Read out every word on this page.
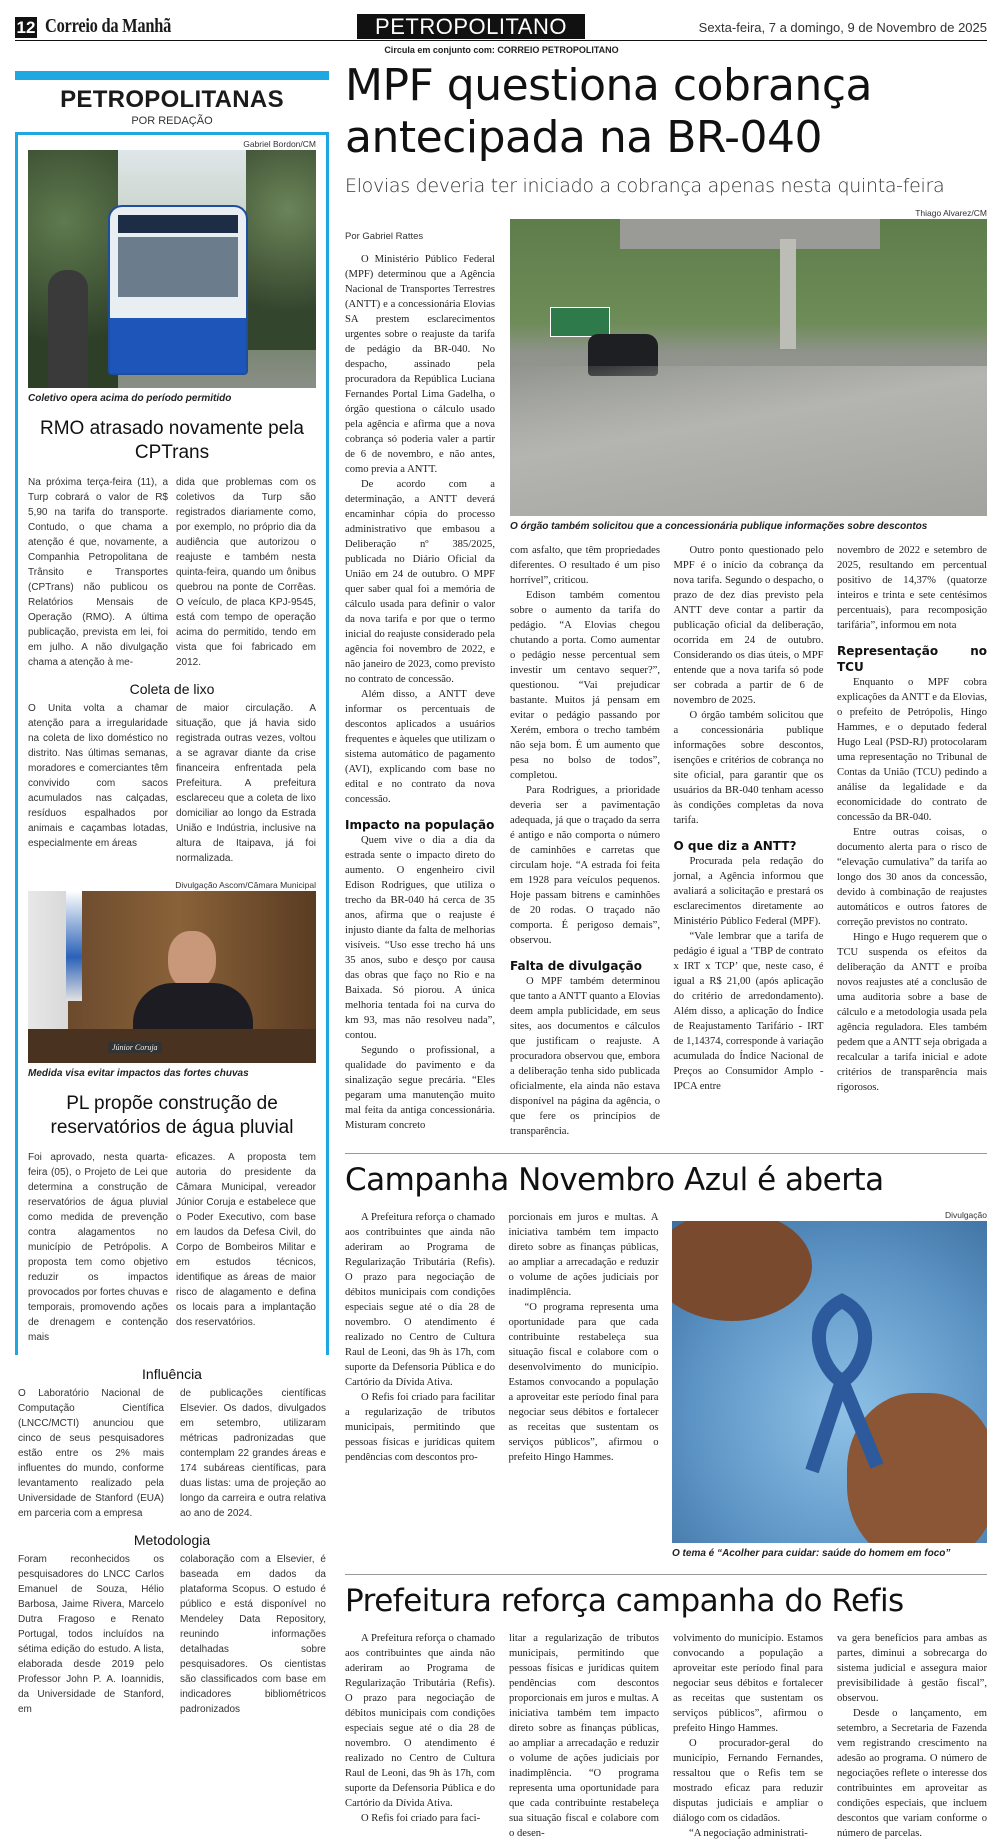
12 Correio da Manhã	PETROPOLITANO	Sexta-feira, 7 a domingo, 9 de Novembro de 2025
Circula em conjunto com: CORREIO PETROPOLITANO
PETROPOLITANAS
POR REDAÇÃO
Gabriel Bordon/CM
Coletivo opera acima do período permitido
RMO atrasado novamente pela CPTrans

Na próxima terça-feira (11), a Turp cobrará o valor de R$ 5,90 na tarifa do transporte. Contudo, o que chama a atenção é que, novamente, a Companhia Petropolitana de Trânsito e Transportes (CPTrans) não publicou os Relatórios Mensais de Operação (RMO). A última publicação, prevista em lei, foi em julho. A não divulgação chama a atenção à me-

dida que problemas com os coletivos da Turp são registrados diariamente como, por exemplo, no próprio dia da audiência que autorizou o reajuste e também nesta quinta-feira, quando um ônibus quebrou na ponte de Corrêas. O veículo, de placa KPJ-9545, está com tempo de operação acima do permitido, tendo em vista que foi fabricado em 2012.

Coleta de lixo

O Unita volta a chamar atenção para a irregularidade na coleta de lixo doméstico no distrito. Nas últimas semanas, moradores e comerciantes têm convivido com sacos acumulados nas calçadas, resíduos espalhados por animais e caçambas lotadas, especialmente em áreas

de maior circulação. A situação, que já havia sido registrada outras vezes, voltou a se agravar diante da crise financeira enfrentada pela Prefeitura. A prefeitura esclareceu que a coleta de lixo domiciliar ao longo da Estrada União e Indústria, inclusive na altura de Itaipava, já foi normalizada.

Divulgação Ascom/Câmara Municipal
Júnior Coruja
Medida visa evitar impactos das fortes chuvas
PL propõe construção de reservatórios de água pluvial

Foi aprovado, nesta quarta-feira (05), o Projeto de Lei que determina a construção de reservatórios de água pluvial como medida de prevenção contra alagamentos no município de Petrópolis. A proposta tem como objetivo reduzir os impactos provocados por fortes chuvas e temporais, promovendo ações de drenagem e contenção mais

eficazes. A proposta tem autoria do presidente da Câmara Municipal, vereador Júnior Coruja e estabelece que o Poder Executivo, com base em laudos da Defesa Civil, do Corpo de Bombeiros Militar e em estudos técnicos, identifique as áreas de maior risco de alagamento e defina os locais para a implantação dos reservatórios.

Influência

O Laboratório Nacional de Computação Científica (LNCC/MCTI) anunciou que cinco de seus pesquisadores estão entre os 2% mais influentes do mundo, conforme levantamento realizado pela Universidade de Stanford (EUA) em parceria com a empresa

de publicações científicas Elsevier. Os dados, divulgados em setembro, utilizaram métricas padronizadas que contemplam 22 grandes áreas e 174 subáreas científicas, para duas listas: uma de projeção ao longo da carreira e outra relativa ao ano de 2024.

Metodologia

Foram reconhecidos os pesquisadores do LNCC Carlos Emanuel de Souza, Hélio Barbosa, Jaime Rivera, Marcelo Dutra Fragoso e Renato Portugal, todos incluídos na sétima edição do estudo. A lista, elaborada desde 2019 pelo Professor John P. A. Ioannidis, da Universidade de Stanford, em

colaboração com a Elsevier, é baseada em dados da plataforma Scopus. O estudo é público e está disponível no Mendeley Data Repository, reunindo informações detalhadas sobre pesquisadores. Os cientistas são classificados com base em indicadores bibliométricos padronizados

MPF questiona cobrança antecipada na BR-040
Elovias deveria ter iniciado a cobrança apenas nesta quinta-feira
Por Gabriel Rattes

O Ministério Público Federal (MPF) determinou que a Agência Nacional de Transportes Terrestres (ANTT) e a concessionária Elovias SA prestem esclarecimentos urgentes sobre o reajuste da tarifa de pedágio da BR-040. No despacho, assinado pela procuradora da República Luciana Fernandes Portal Lima Gadelha, o órgão questiona o cálculo usado pela agência e afirma que a nova cobrança só poderia valer a partir de 6 de novembro, e não antes, como previa a ANTT.

De acordo com a determinação, a ANTT deverá encaminhar cópia do processo administrativo que embasou a Deliberação nº 385/2025, publicada no Diário Oficial da União em 24 de outubro. O MPF quer saber qual foi a memória de cálculo usada para definir o valor da nova tarifa e por que o termo inicial do reajuste considerado pela agência foi novembro de 2022, e não janeiro de 2023, como previsto no contrato de concessão.

Além disso, a ANTT deve informar os percentuais de descontos aplicados a usuários frequentes e àqueles que utilizam o sistema automático de pagamento (AVI), explicando com base no edital e no contrato da nova concessão.

Impacto na população

Quem vive o dia a dia da estrada sente o impacto direto do aumento. O engenheiro civil Edison Rodrigues, que utiliza o trecho da BR-040 há cerca de 35 anos, afirma que o reajuste é injusto diante da falta de melhorias visíveis. “Uso esse trecho há uns 35 anos, subo e desço por causa das obras que faço no Rio e na Baixada. Só piorou. A única melhoria tentada foi na curva do km 93, mas não resolveu nada”, contou.

Segundo o profissional, a qualidade do pavimento e da sinalização segue precária. “Eles pegaram uma manutenção muito mal feita da antiga concessionária. Misturam concreto

Thiago Alvarez/CM
O órgão também solicitou que a concessionária publique informações sobre descontos

com asfalto, que têm propriedades diferentes. O resultado é um piso horrível”, criticou.

Edison também comentou sobre o aumento da tarifa do pedágio. “A Elovias chegou chutando a porta. Como aumentar o pedágio nesse percentual sem investir um centavo sequer?”, questionou. “Vai prejudicar bastante. Muitos já pensam em evitar o pedágio passando por Xerém, embora o trecho também não seja bom. É um aumento que pesa no bolso de todos”, completou.

Para Rodrigues, a prioridade deveria ser a pavimentação adequada, já que o traçado da serra é antigo e não comporta o número de caminhões e carretas que circulam hoje. “A estrada foi feita em 1928 para veículos pequenos. Hoje passam bitrens e caminhões de 20 rodas. O traçado não comporta. É perigoso demais”, observou.

Falta de divulgação

O MPF também determinou que tanto a ANTT quanto a Elovias deem ampla publicidade, em seus sites, aos documentos e cálculos que justificam o reajuste. A procuradora observou que, embora a deliberação tenha sido publicada oficialmente, ela ainda não estava disponível na página da agência, o que fere os princípios de transparência.

Outro ponto questionado pelo MPF é o início da cobrança da nova tarifa. Segundo o despacho, o prazo de dez dias previsto pela ANTT deve contar a partir da publicação oficial da deliberação, ocorrida em 24 de outubro. Considerando os dias úteis, o MPF entende que a nova tarifa só pode ser cobrada a partir de 6 de novembro de 2025.

O órgão também solicitou que a concessionária publique informações sobre descontos, isenções e critérios de cobrança no site oficial, para garantir que os usuários da BR-040 tenham acesso às condições completas da nova tarifa.

O que diz a ANTT?

Procurada pela redação do jornal, a Agência informou que avaliará a solicitação e prestará os esclarecimentos diretamente ao Ministério Público Federal (MPF).

“Vale lembrar que a tarifa de pedágio é igual a ‘TBP de contrato x IRT x TCP’ que, neste caso, é igual a R$ 21,00 (após aplicação do critério de arredondamento). Além disso, a aplicação do Índice de Reajustamento Tarifário - IRT de 1,14374, corresponde à variação acumulada do Índice Nacional de Preços ao Consumidor Amplo - IPCA entre

novembro de 2022 e setembro de 2025, resultando em percentual positivo de 14,37% (quatorze inteiros e trinta e sete centésimos percentuais), para recomposição tarifária”, informou em nota

Representação no TCU

Enquanto o MPF cobra explicações da ANTT e da Elovias, o prefeito de Petrópolis, Hingo Hammes, e o deputado federal Hugo Leal (PSD-RJ) protocolaram uma representação no Tribunal de Contas da União (TCU) pedindo a análise da legalidade e da economicidade do contrato de concessão da BR-040.

Entre outras coisas, o documento alerta para o risco de “elevação cumulativa” da tarifa ao longo dos 30 anos da concessão, devido à combinação de reajustes automáticos e outros fatores de correção previstos no contrato.

Hingo e Hugo requerem que o TCU suspenda os efeitos da deliberação da ANTT e proíba novos reajustes até a conclusão de uma auditoria sobre a base de cálculo e a metodologia usada pela agência reguladora. Eles também pedem que a ANTT seja obrigada a recalcular a tarifa inicial e adote critérios de transparência mais rigorosos.

Campanha Novembro Azul é aberta

A Prefeitura reforça o chamado aos contribuintes que ainda não aderiram ao Programa de Regularização Tributária (Refis). O prazo para negociação de débitos municipais com condições especiais segue até o dia 28 de novembro. O atendimento é realizado no Centro de Cultura Raul de Leoni, das 9h às 17h, com suporte da Defensoria Pública e do Cartório da Dívida Ativa.

O Refis foi criado para facilitar a regularização de tributos municipais, permitindo que pessoas físicas e jurídicas quitem pendências com descontos pro-

porcionais em juros e multas. A iniciativa também tem impacto direto sobre as finanças públicas, ao ampliar a arrecadação e reduzir o volume de ações judiciais por inadimplência.

“O programa representa uma oportunidade para que cada contribuinte restabeleça sua situação fiscal e colabore com o desenvolvimento do município. Estamos convocando a população a aproveitar este período final para negociar seus débitos e fortalecer as receitas que sustentam os serviços públicos”, afirmou o prefeito Hingo Hammes.

Divulgação
O tema é “Acolher para cuidar: saúde do homem em foco”
Prefeitura reforça campanha do Refis

A Prefeitura reforça o chamado aos contribuintes que ainda não aderiram ao Programa de Regularização Tributária (Refis). O prazo para negociação de débitos municipais com condições especiais segue até o dia 28 de novembro. O atendimento é realizado no Centro de Cultura Raul de Leoni, das 9h às 17h, com suporte da Defensoria Pública e do Cartório da Dívida Ativa.

O Refis foi criado para faci-

litar a regularização de tributos municipais, permitindo que pessoas físicas e jurídicas quitem pendências com descontos proporcionais em juros e multas. A iniciativa também tem impacto direto sobre as finanças públicas, ao ampliar a arrecadação e reduzir o volume de ações judiciais por inadimplência. “O programa representa uma oportunidade para que cada contribuinte restabeleça sua situação fiscal e colabore com o desen-

volvimento do município. Estamos convocando a população a aproveitar este período final para negociar seus débitos e fortalecer as receitas que sustentam os serviços públicos”, afirmou o prefeito Hingo Hammes.

O procurador-geral do município, Fernando Fernandes, ressaltou que o Refis tem se mostrado eficaz para reduzir disputas judiciais e ampliar o diálogo com os cidadãos.

“A negociação administrati-

va gera benefícios para ambas as partes, diminui a sobrecarga do sistema judicial e assegura maior previsibilidade à gestão fiscal”, observou.

Desde o lançamento, em setembro, a Secretaria de Fazenda vem registrando crescimento na adesão ao programa. O número de negociações reflete o interesse dos contribuintes em aproveitar as condições especiais, que incluem descontos que variam conforme o número de parcelas.
